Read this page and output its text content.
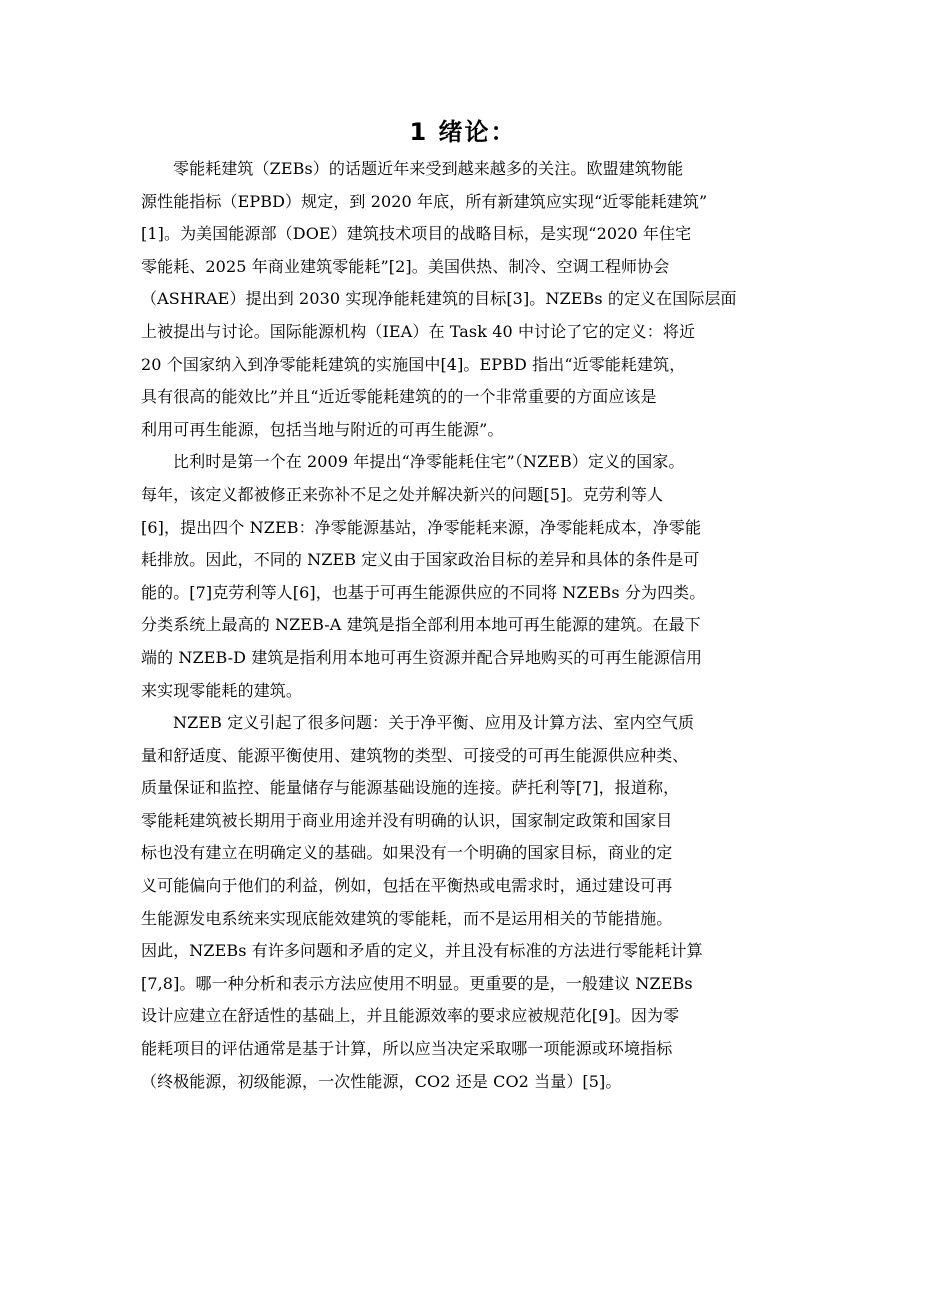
1 绪论：
零能耗建筑（ZEBs）的话题近年来受到越来越多的关注。欧盟建筑物能
源性能指标（EPBD）规定，到 2020 年底，所有新建筑应实现“近零能耗建筑”
[1]。为美国能源部（DOE）建筑技术项目的战略目标，是实现“2020 年住宅
零能耗、2025 年商业建筑零能耗”[2]。美国供热、制冷、空调工程师协会
（ASHRAE）提出到 2030 实现净能耗建筑的目标[3]。NZEBs 的定义在国际层面
上被提出与讨论。国际能源机构（IEA）在 Task 40 中讨论了它的定义：将近
20 个国家纳入到净零能耗建筑的实施国中[4]。EPBD 指出“近零能耗建筑，
具有很高的能效比”并且“近近零能耗建筑的的一个非常重要的方面应该是
利用可再生能源，包括当地与附近的可再生能源”。
比利时是第一个在 2009 年提出“净零能耗住宅”（NZEB）定义的国家。
每年，该定义都被修正来弥补不足之处并解决新兴的问题[5]。克劳利等人
[6]，提出四个 NZEB：净零能源基站，净零能耗来源，净零能耗成本，净零能
耗排放。因此，不同的 NZEB 定义由于国家政治目标的差异和具体的条件是可
能的。[7]克劳利等人[6]，也基于可再生能源供应的不同将 NZEBs 分为四类。
分类系统上最高的 NZEB-A 建筑是指全部利用本地可再生能源的建筑。在最下
端的 NZEB-D 建筑是指利用本地可再生资源并配合异地购买的可再生能源信用
来实现零能耗的建筑。
NZEB 定义引起了很多问题：关于净平衡、应用及计算方法、室内空气质
量和舒适度、能源平衡使用、建筑物的类型、可接受的可再生能源供应种类、
质量保证和监控、能量储存与能源基础设施的连接。萨托利等[7]，报道称，
零能耗建筑被长期用于商业用途并没有明确的认识，国家制定政策和国家目
标也没有建立在明确定义的基础。如果没有一个明确的国家目标，商业的定
义可能偏向于他们的利益，例如，包括在平衡热或电需求时，通过建设可再
生能源发电系统来实现底能效建筑的零能耗，而不是运用相关的节能措施。
因此，NZEBs 有许多问题和矛盾的定义，并且没有标准的方法进行零能耗计算
[7,8]。哪一种分析和表示方法应使用不明显。更重要的是，一般建议 NZEBs
设计应建立在舒适性的基础上，并且能源效率的要求应被规范化[9]。因为零
能耗项目的评估通常是基于计算，所以应当决定采取哪一项能源或环境指标
（终极能源，初级能源，一次性能源，CO2 还是 CO2 当量）[5]。
